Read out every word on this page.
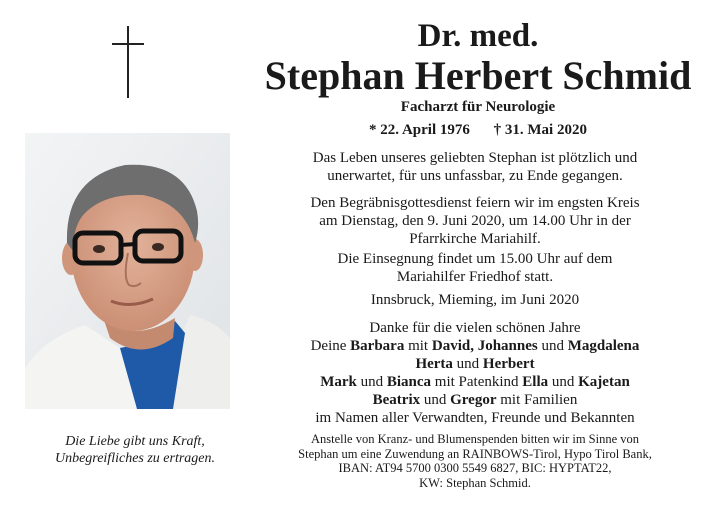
Dr. med.
Stephan Herbert Schmid
Facharzt für Neurologie
* 22. April 1976 † 31. Mai 2020
Das Leben unseres geliebten Stephan ist plötzlich und
unerwartet, für uns unfassbar, zu Ende gegangen.
Den Begräbnisgottesdienst feiern wir im engsten Kreis
am Dienstag, den 9. Juni 2020, um 14.00 Uhr in der
Pfarrkirche Mariahilf.
Die Einsegnung findet um 15.00 Uhr auf dem
Mariahilfer Friedhof statt.
Innsbruck, Mieming, im Juni 2020
Danke für die vielen schönen Jahre
Deine Barbara mit David, Johannes und Magdalena
Herta und Herbert
Mark und Bianca mit Patenkind Ella und Kajetan
Beatrix und Gregor mit Familien
im Namen aller Verwandten, Freunde und Bekannten
Anstelle von Kranz- und Blumenspenden bitten wir im Sinne von
Stephan um eine Zuwendung an RAINBOWS-Tirol, Hypo Tirol Bank,
IBAN: AT94 5700 0300 5549 6827, BIC: HYPTAT22,
KW: Stephan Schmid.
Die Liebe gibt uns Kraft,
Unbegreifliches zu ertragen.
